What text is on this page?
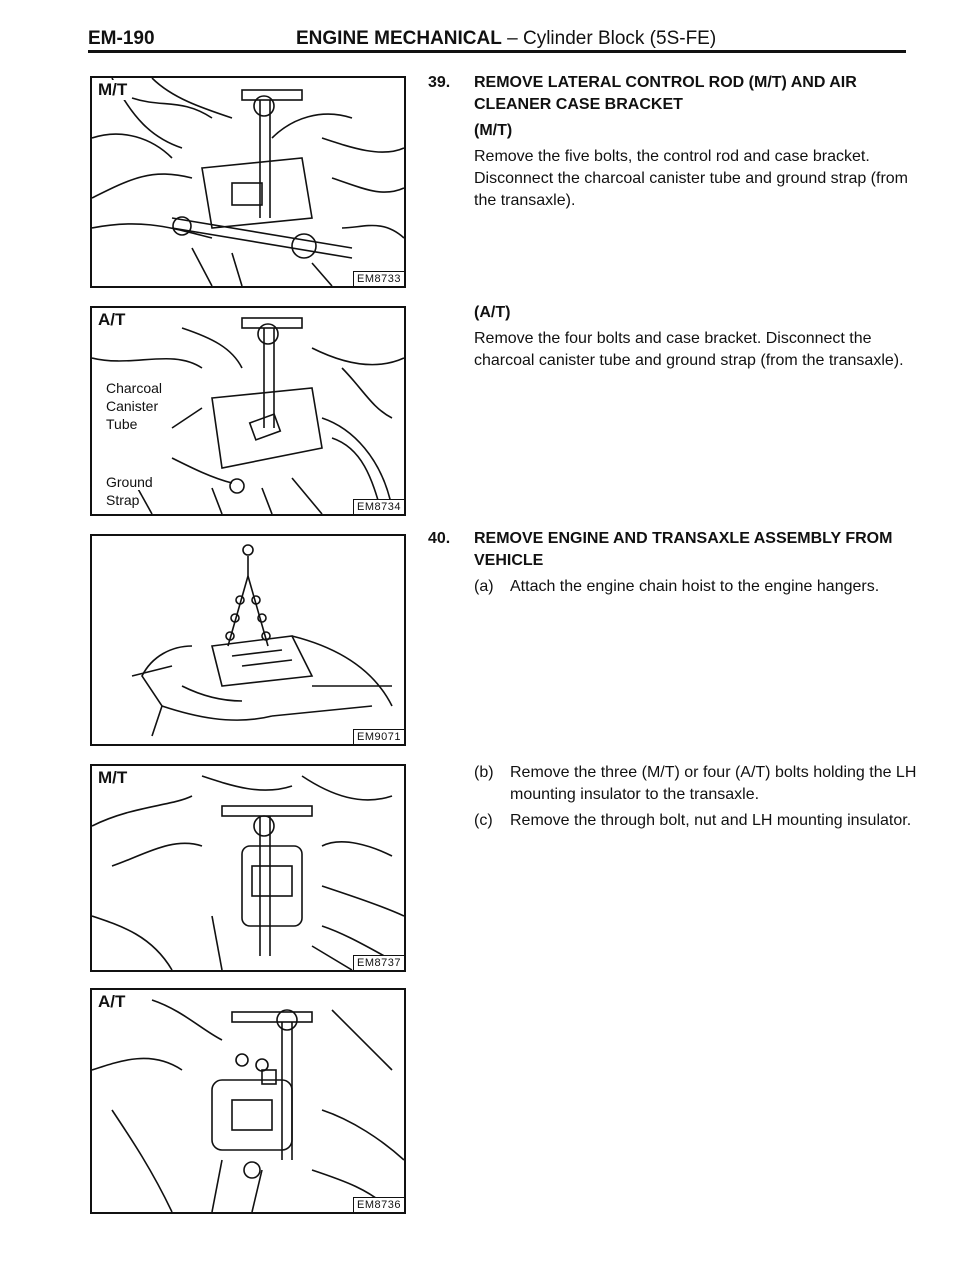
EM-190	ENGINE MECHANICAL – Cylinder Block (5S-FE)
M/T
EM8733
A/T
Charcoal
Canister
Tube
Ground
Strap	EM8734
EM9071
M/T
EM8737
A/T
EM8736
39.	REMOVE LATERAL CONTROL ROD (M/T) AND AIR CLEANER CASE BRACKET
(M/T)
Remove the five bolts, the control rod and case bracket. Disconnect the charcoal canister tube and ground strap (from the transaxle).
(A/T)
Remove the four bolts and case bracket. Disconnect the charcoal canister tube and ground strap (from the transaxle).
40.	REMOVE ENGINE AND TRANSAXLE ASSEMBLY FROM VEHICLE
(a)	Attach the engine chain hoist to the engine hangers.
(b)	Remove the three (M/T) or four (A/T) bolts holding the LH mounting insulator to the transaxle.
(c)	Remove the through bolt, nut and LH mounting insulator.
